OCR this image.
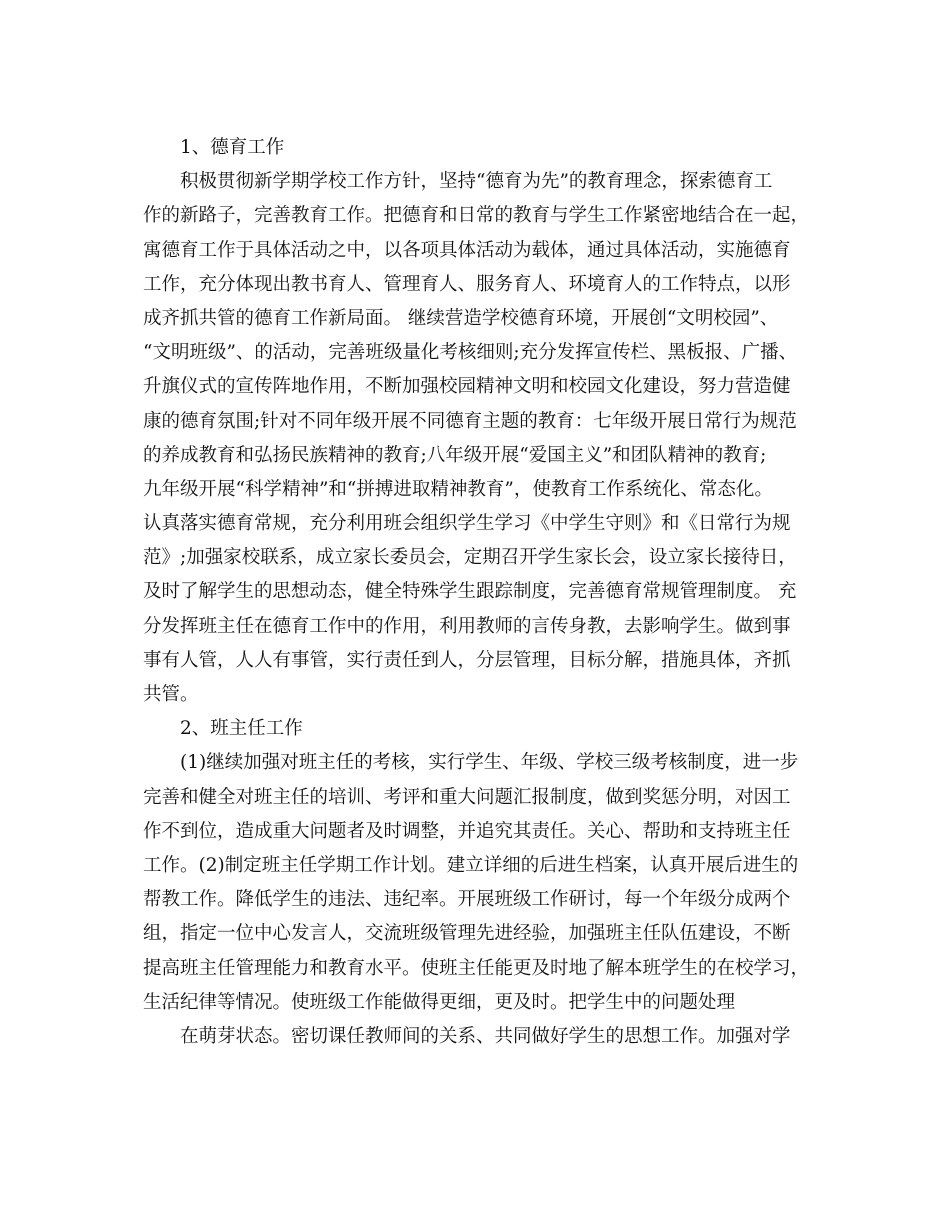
1、德育工作
积极贯彻新学期学校工作方针，坚持“德育为先”的教育理念，探索德育工
作的新路子，完善教育工作。把德育和日常的教育与学生工作紧密地结合在一起，
寓德育工作于具体活动之中，以各项具体活动为载体，通过具体活动，实施德育
工作，充分体现出教书育人、管理育人、服务育人、环境育人的工作特点，以形
成齐抓共管的德育工作新局面。 继续营造学校德育环境，开展创“文明校园”、
“文明班级”、的活动，完善班级量化考核细则;充分发挥宣传栏、黑板报、广播、
升旗仪式的宣传阵地作用，不断加强校园精神文明和校园文化建设，努力营造健
康的德育氛围;针对不同年级开展不同德育主题的教育：七年级开展日常行为规范
的养成教育和弘扬民族精神的教育;八年级开展“爱国主义”和团队精神的教育;
九年级开展“科学精神”和“拼搏进取精神教育”，使教育工作系统化、常态化。
认真落实德育常规，充分利用班会组织学生学习《中学生守则》和《日常行为规
范》;加强家校联系，成立家长委员会，定期召开学生家长会，设立家长接待日，
及时了解学生的思想动态，健全特殊学生跟踪制度，完善德育常规管理制度。 充
分发挥班主任在德育工作中的作用，利用教师的言传身教，去影响学生。做到事
事有人管，人人有事管，实行责任到人，分层管理，目标分解，措施具体，齐抓
共管。
2、班主任工作
(1)继续加强对班主任的考核，实行学生、年级、学校三级考核制度，进一步
完善和健全对班主任的培训、考评和重大问题汇报制度，做到奖惩分明，对因工
作不到位，造成重大问题者及时调整，并追究其责任。关心、帮助和支持班主任
工作。(2)制定班主任学期工作计划。建立详细的后进生档案，认真开展后进生的
帮教工作。降低学生的违法、违纪率。开展班级工作研讨，每一个年级分成两个
组，指定一位中心发言人，交流班级管理先进经验，加强班主任队伍建设，不断
提高班主任管理能力和教育水平。使班主任能更及时地了解本班学生的在校学习，
生活纪律等情况。使班级工作能做得更细，更及时。把学生中的问题处理
在萌芽状态。密切课任教师间的关系、共同做好学生的思想工作。加强对学
